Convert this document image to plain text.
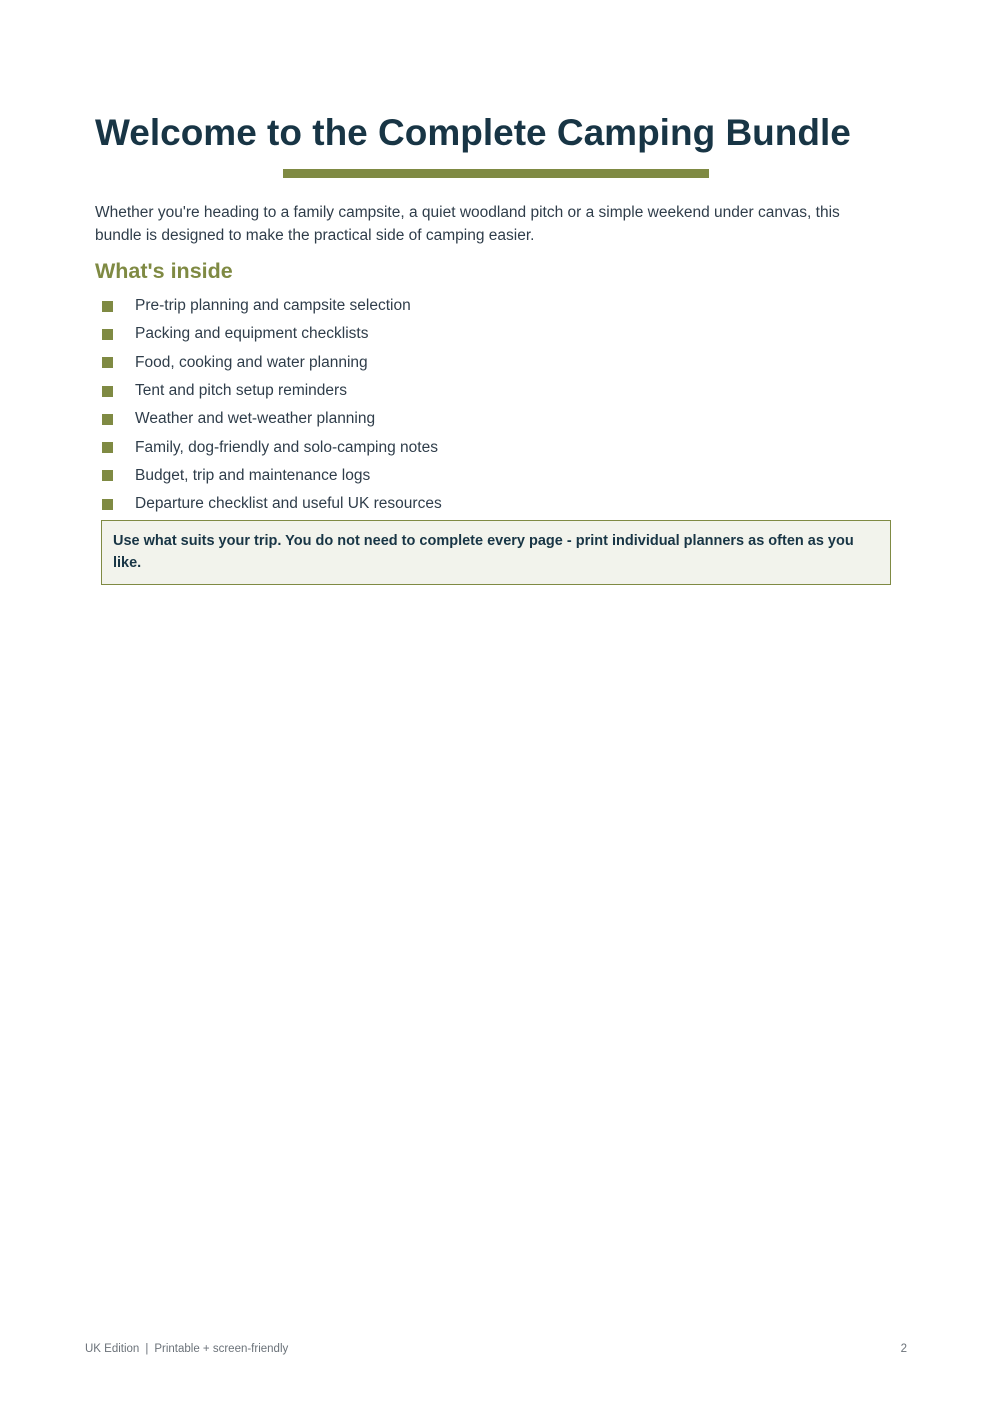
Welcome to the Complete Camping Bundle

Whether you're heading to a family campsite, a quiet woodland pitch or a simple weekend under canvas, this bundle is designed to make the practical side of camping easier.

What's inside
Pre-trip planning and campsite selection
Packing and equipment checklists
Food, cooking and water planning
Tent and pitch setup reminders
Weather and wet-weather planning
Family, dog-friendly and solo-camping notes
Budget, trip and maintenance logs
Departure checklist and useful UK resources
Use what suits your trip. You do not need to complete every page - print individual planners as often as you like.
UK Edition | Printable + screen-friendly	2
